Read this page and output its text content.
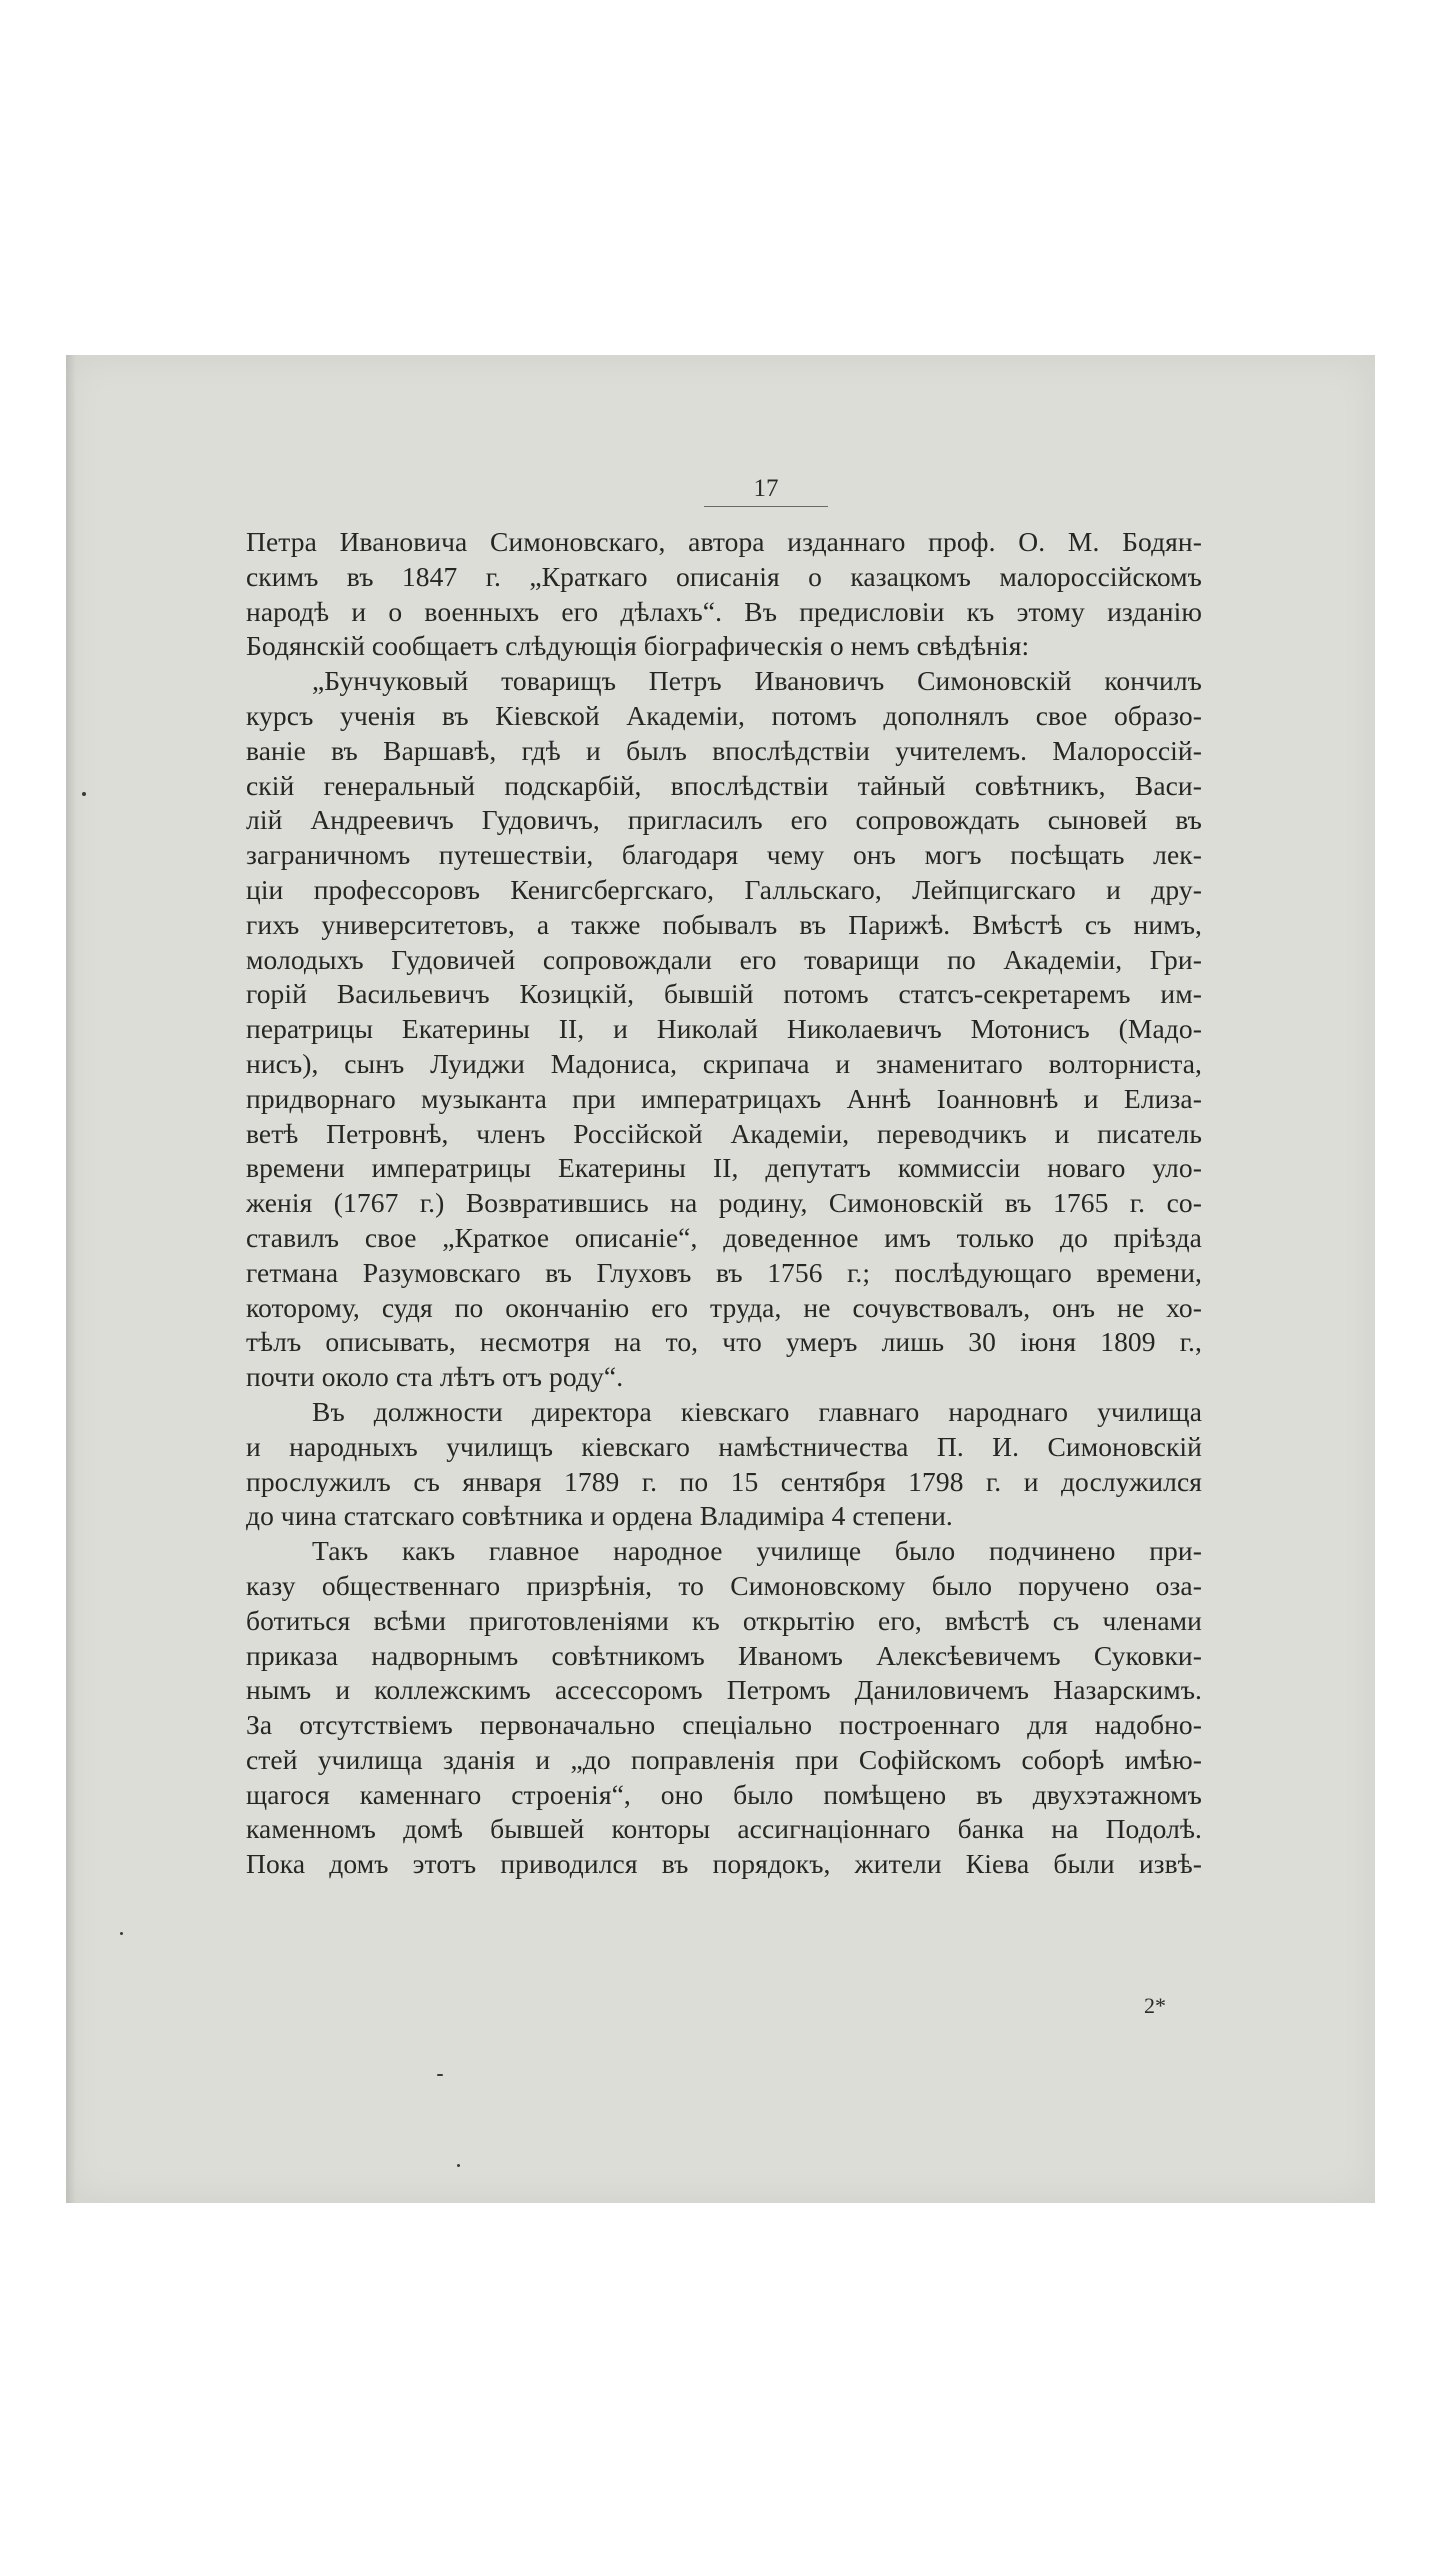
17
Петра Ивановича Симоновскаго, автора изданнаго проф. О. М. Бодян-
скимъ въ 1847 г. „Краткаго описанія о казацкомъ малороссійскомъ
народѣ и о военныхъ его дѣлахъ“. Въ предисловіи къ этому изданію
Бодянскій сообщаетъ слѣдующія біографическія о немъ свѣдѣнія:
„Бунчуковый товарищъ Петръ Ивановичъ Симоновскій кончилъ
курсъ ученія въ Кіевской Академіи, потомъ дополнялъ свое образо-
ваніе въ Варшавѣ, гдѣ и былъ впослѣдствіи учителемъ. Малороссій-
скій генеральный подскарбій, впослѣдствіи тайный совѣтникъ, Васи-
лій Андреевичъ Гудовичъ, пригласилъ его сопровождать сыновей въ
заграничномъ путешествіи, благодаря чему онъ могъ посѣщать лек-
ціи профессоровъ Кенигсбергскаго, Галльскаго, Лейпцигскаго и дру-
гихъ университетовъ, а также побывалъ въ Парижѣ. Вмѣстѣ съ нимъ,
молодыхъ Гудовичей сопровождали его товарищи по Академіи, Гри-
горій Васильевичъ Козицкій, бывшій потомъ статсъ-секретаремъ им-
ператрицы Екатерины II, и Николай Николаевичъ Мотонисъ (Мадо-
нисъ), сынъ Луиджи Мадониса, скрипача и знаменитаго волторниста,
придворнаго музыканта при императрицахъ Аннѣ Іоанновнѣ и Елиза-
ветѣ Петровнѣ, членъ Россійской Академіи, переводчикъ и писатель
времени императрицы Екатерины II, депутатъ коммиссіи новаго уло-
женія (1767 г.) Возвратившись на родину, Симоновскій въ 1765 г. со-
ставилъ свое „Краткое описаніе“, доведенное имъ только до пріѣзда
гетмана Разумовскаго въ Глуховъ въ 1756 г.; послѣдующаго времени,
которому, судя по окончанію его труда, не сочувствовалъ, онъ не хо-
тѣлъ описывать, несмотря на то, что умеръ лишь 30 іюня 1809 г.,
почти около ста лѣтъ отъ роду“.
Въ должности директора кіевскаго главнаго народнаго училища
и народныхъ училищъ кіевскаго намѣстничества П. И. Симоновскій
прослужилъ съ января 1789 г. по 15 сентября 1798 г. и дослужился
до чина статскаго совѣтника и ордена Владиміра 4 степени.
Такъ какъ главное народное училище было подчинено при-
казу общественнаго призрѣнія, то Симоновскому было поручено оза-
ботиться всѣми приготовленіями къ открытію его, вмѣстѣ съ членами
приказа надворнымъ совѣтникомъ Иваномъ Алексѣевичемъ Суковки-
нымъ и коллежскимъ ассессоромъ Петромъ Даниловичемъ Назарскимъ.
За отсутствіемъ первоначально спеціально построеннаго для надобно-
стей училища зданія и „до поправленія при Софійскомъ соборѣ имѣю-
щагося каменнаго строенія“, оно было помѣщено въ двухэтажномъ
каменномъ домѣ бывшей конторы ассигнаціоннаго банка на Подолѣ.
Пока домъ этотъ приводился въ порядокъ, жители Кіева были извѣ-
2*
